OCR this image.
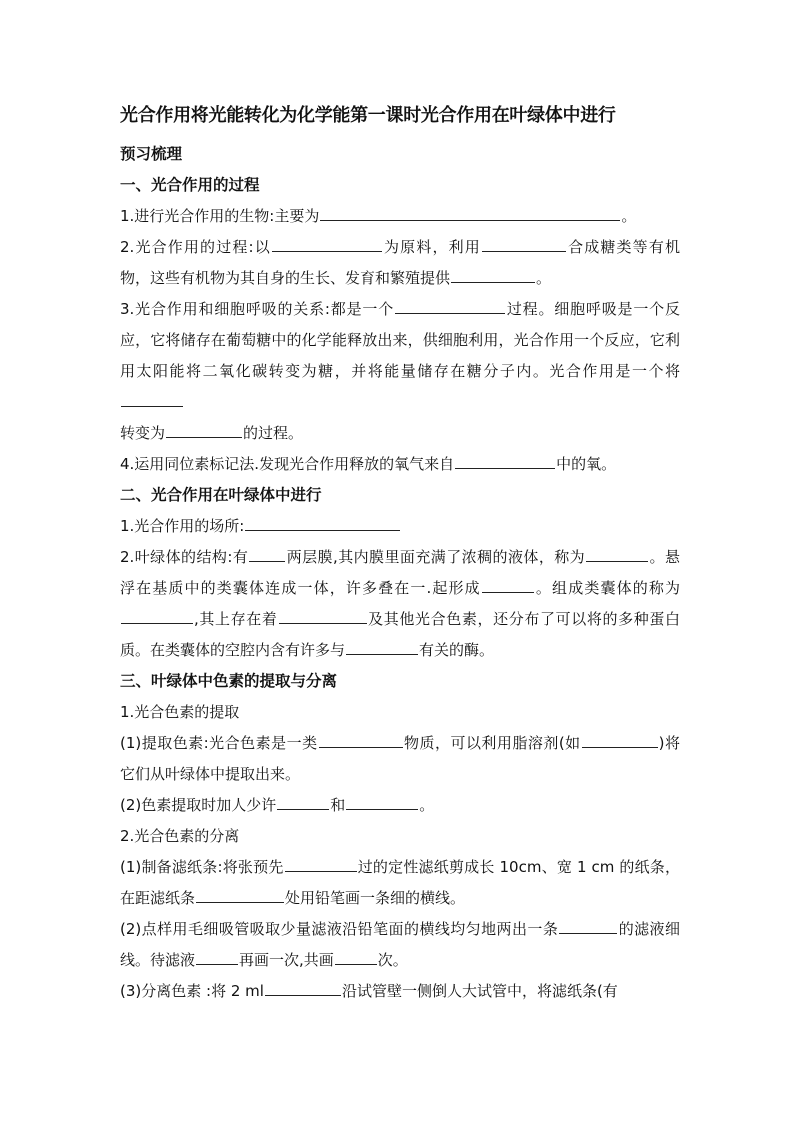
光合作用将光能转化为化学能第一课时光合作用在叶绿体中进行

预习梳理

一、光合作用的过程

1.进行光合作用的生物:主要为	。

2.光合作用的过程:以	为原料，利用	合成糖类等有机物，这些有机物为其自身的生长、发育和繁殖提供	。

3.光合作用和细胞呼吸的关系:都是一个	过程。细胞呼吸是一个反应，它将储存在葡萄糖中的化学能释放出来，供细胞利用，光合作用一个反应，它利用太阳能将二氧化碳转变为糖，并将能量储存在糖分子内。光合作用是一个将
转变为	的过程。

4.运用同位素标记法.发现光合作用释放的氧气来自	中的氧。

二、光合作用在叶绿体中进行

1.光合作用的场所:

2.叶绿体的结构:有	两层膜,其内膜里面充满了浓稠的液体，称为	。悬浮在基质中的类囊体连成一体，许多叠在一.起形成	。组成类囊体的称为,其上存在着	及其他光合色素，还分布了可以将的多种蛋白质。在类囊体的空腔内含有许多与	有关的酶。

三、叶绿体中色素的提取与分离

1.光合色素的提取

(1)提取色素:光合色素是一类	物质，可以利用脂溶剂(如	)将它们从叶绿体中提取出来。

(2)色素提取时加人少许	和	。

2.光合色素的分离

(1)制备滤纸条:将张预先	过的定性滤纸剪成长 10cm、宽 1 cm 的纸条，在距滤纸条	处用铅笔画一条细的横线。

(2)点样用毛细吸管吸取少量滤液沿铅笔面的横线均匀地两出一条	的滤液细线。待滤液	再画一次,共画	次。

(3)分离色素 :将 2 ml	沿试管壁一侧倒人大试管中，将滤纸条(有
